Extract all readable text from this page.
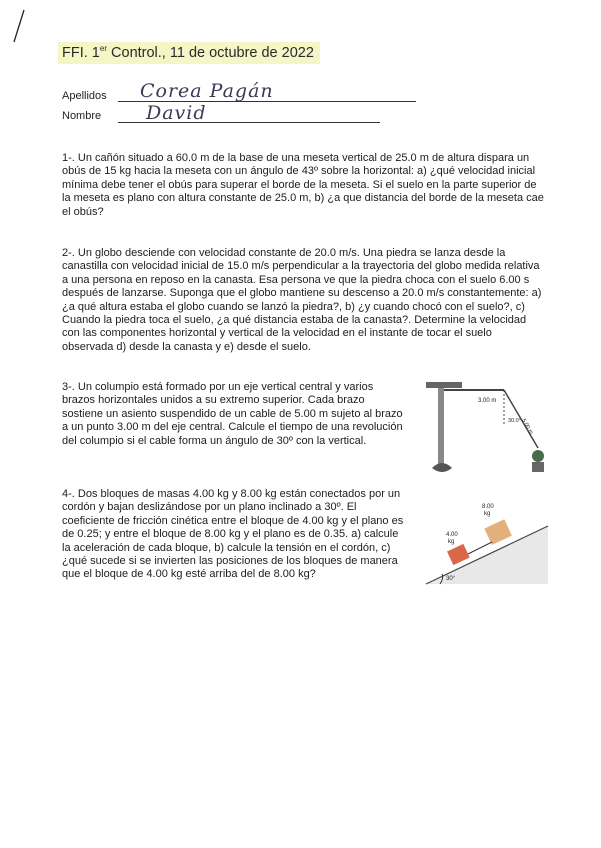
FFI. 1er Control., 11 de octubre de 2022
Apellidos Corea Pagán
Nombre David
1-. Un cañón situado a 60.0 m de la base de una meseta vertical de 25.0 m de altura dispara un obús de 15 kg hacia la meseta con un ángulo de 43º sobre la horizontal: a) ¿qué velocidad inicial mínima debe tener el obús para superar el borde de la meseta. Si el suelo en la parte superior de la meseta es plano con altura constante de 25.0 m, b) ¿a que distancia del borde de la meseta cae el obús?
2-. Un globo desciende con velocidad constante de 20.0 m/s. Una piedra se lanza desde la canastilla con velocidad inicial de 15.0 m/s perpendicular a la trayectoria del globo medida relativa a una persona en reposo en la canasta. Esa persona ve que la piedra choca con el suelo 6.00 s después de lanzarse. Suponga que el globo mantiene su descenso a 20.0 m/s constantemente: a) ¿a qué altura estaba el globo cuando se lanzó la piedra?, b) ¿y cuando chocó con el suelo?, c) Cuando la piedra toca el suelo, ¿a qué distancia estaba de la canasta?. Determine la velocidad con las componentes horizontal y vertical de la velocidad en el instante de tocar el suelo observada d) desde la canasta y e) desde el suelo.
3-. Un columpio está formado por un eje vertical central y varios brazos horizontales unidos a su extremo superior. Cada brazo sostiene un asiento suspendido de un cable de 5.00 m sujeto al brazo a un punto 3.00 m del eje central. Calcule el tiempo de una revolución del columpio si el cable forma un ángulo de 30º con la vertical.
4-. Dos bloques de masas 4.00 kg y 8.00 kg están conectados por un cordón y bajan deslizándose por un plano inclinado a 30º. El coeficiente de fricción cinética entre el bloque de 4.00 kg y el plano es de 0.25; y entre el bloque de 8.00 kg y el plano es de 0.35. a) calcule la aceleración de cada bloque, b) calcule la tensión en el cordón, c) ¿qué sucede si se invierten las posiciones de los bloques de manera que el bloque de 4.00 kg esté arriba del de 8.00 kg?
3.00 m
5.00 m
30.0°
8.00
kg
4.00
kg
30°
